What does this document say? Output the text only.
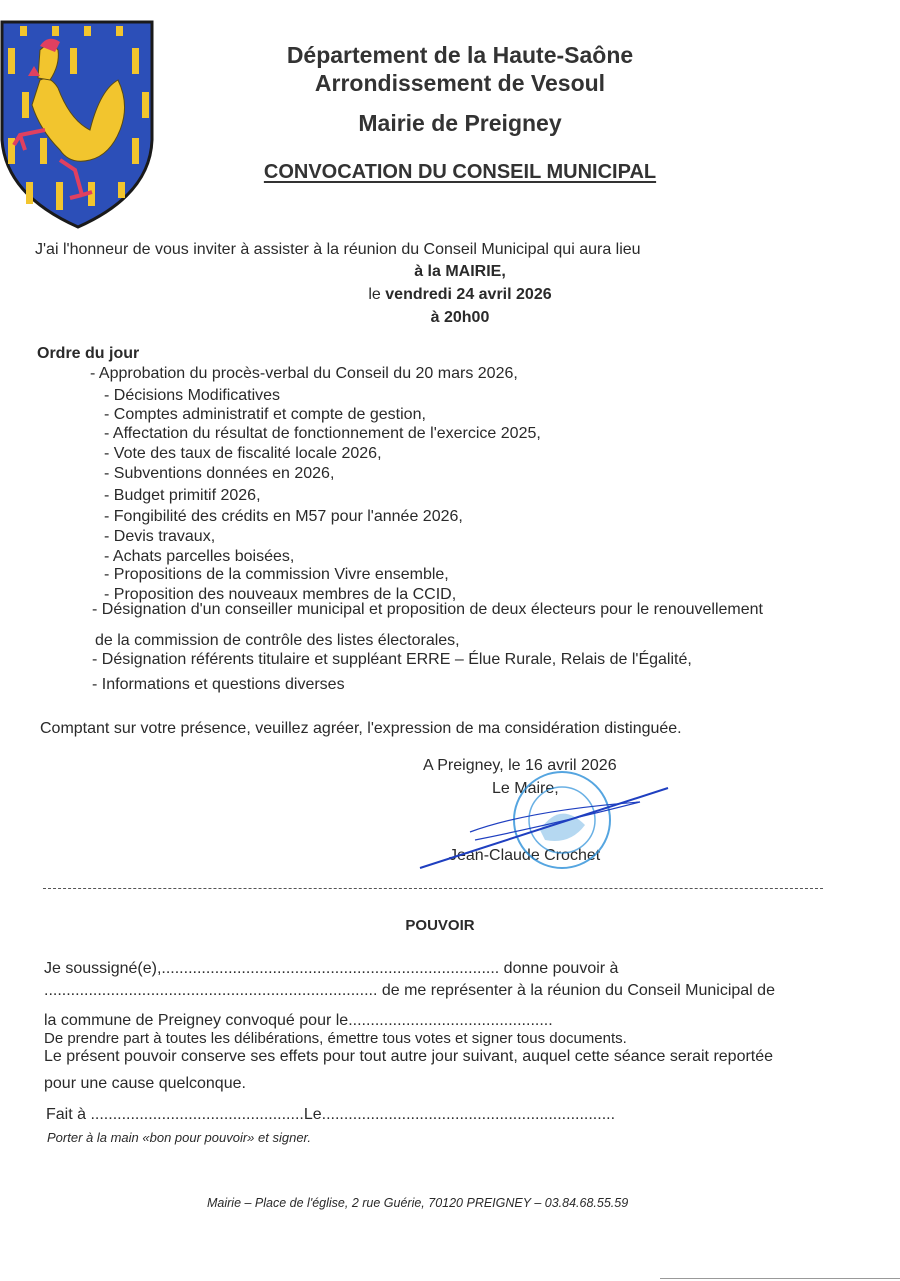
Département de la Haute-Saône
Arrondissement de Vesoul
Mairie de Preigney
CONVOCATION DU CONSEIL MUNICIPAL
J'ai l'honneur de vous inviter à assister à la réunion du Conseil Municipal qui aura lieu
à la MAIRIE,
le vendredi 24 avril 2026
à 20h00
Ordre du jour
- Approbation du procès-verbal du Conseil du 20 mars 2026,
- Décisions Modificatives
- Comptes administratif et compte de gestion,
- Affectation du résultat de fonctionnement de l'exercice 2025,
- Vote des taux de fiscalité locale 2026,
- Subventions données en 2026,
- Budget primitif 2026,
- Fongibilité des crédits en M57 pour l'année 2026,
- Devis travaux,
- Achats parcelles boisées,
- Propositions de la commission Vivre ensemble,
- Proposition des nouveaux membres de la CCID,
- Désignation d'un conseiller municipal et proposition de deux électeurs pour le renouvellement
de la commission de contrôle des listes électorales,
- Désignation référents titulaire et suppléant ERRE – Élue Rurale, Relais de l'Égalité,
- Informations et questions diverses
Comptant sur votre présence, veuillez agréer, l'expression de ma considération distinguée.
A Preigney, le 16 avril 2026
Le Maire,
Jean-Claude Crochet
POUVOIR
Je soussigné(e),............................................................................ donne pouvoir à
........................................................................... de me représenter à la réunion du Conseil Municipal de
la commune de Preigney convoqué pour le..............................................
De prendre part à toutes les délibérations, émettre tous votes et signer tous documents.
Le présent pouvoir conserve ses effets pour tout autre jour suivant, auquel cette séance serait reportée
pour une cause quelconque.
Fait à ................................................Le..................................................................
Porter à la main «bon pour pouvoir» et signer.
Mairie – Place de l'église, 2 rue Guérie, 70120 PREIGNEY – 03.84.68.55.59
